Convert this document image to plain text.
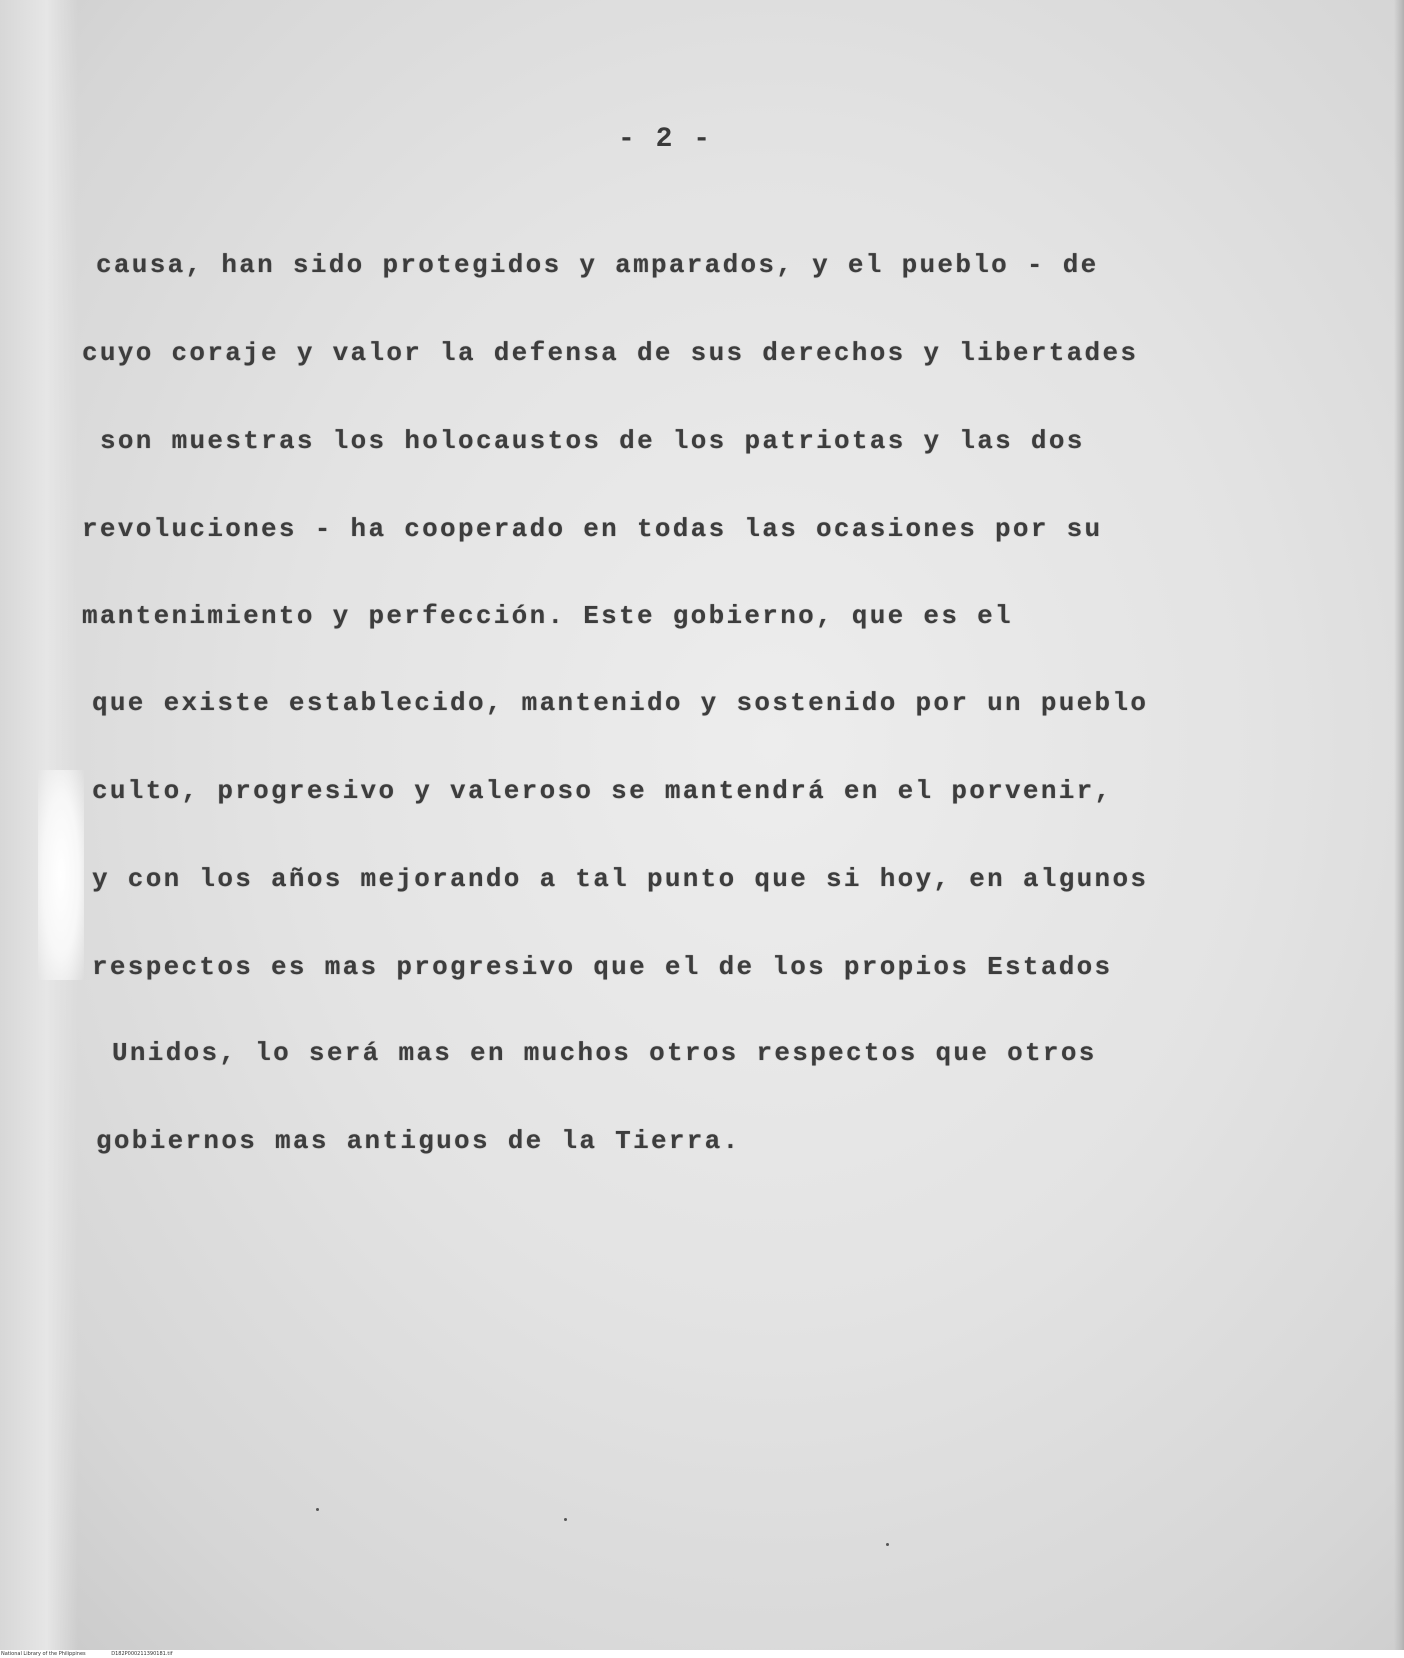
- 2 -
causa, han sido protegidos y amparados, y el pueblo - de
cuyo coraje y valor la defensa de sus derechos y libertades
son muestras los holocaustos de los patriotas y las dos
revoluciones - ha cooperado en todas las ocasiones por su
mantenimiento y perfección. Este gobierno, que es el
que existe establecido, mantenido y sostenido por un pueblo
culto, progresivo y valeroso se mantendrá en el porvenir,
y con los años mejorando a tal punto que si hoy, en algunos
respectos es mas progresivo que el de los propios Estados
Unidos, lo será mas en muchos otros respectos que otros
gobiernos mas antiguos de la Tierra.
National Library of the Philippines	D182P000211390181.tif
